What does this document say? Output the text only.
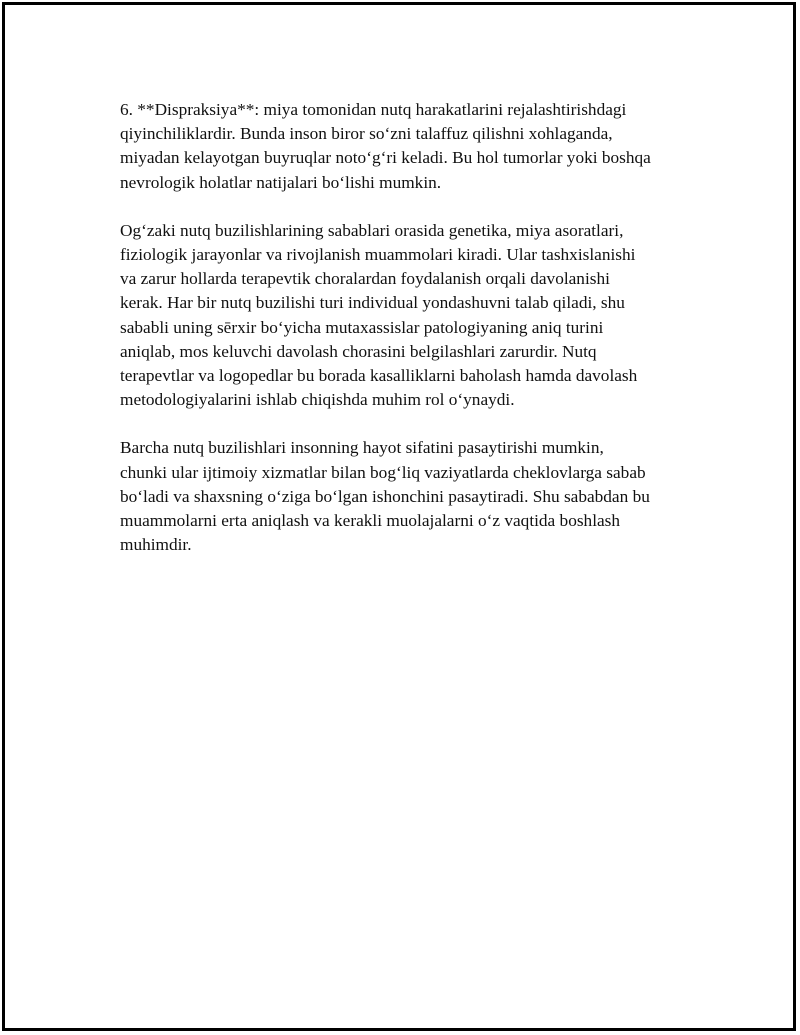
6. **Dispraksiya**: miya tomonidan nutq harakatlarini rejalashtirishdagi
qiyinchiliklardir. Bunda inson biror so‘zni talaffuz qilishni xohlaganda,
miyadan kelayotgan buyruqlar noto‘g‘ri keladi. Bu hol tumorlar yoki boshqa
nevrologik holatlar natijalari bo‘lishi mumkin.

Og‘zaki nutq buzilishlarining sabablari orasida genetika, miya asoratlari,
fiziologik jarayonlar va rivojlanish muammolari kiradi. Ular tashxislanishi
va zarur hollarda terapevtik choralardan foydalanish orqali davolanishi
kerak. Har bir nutq buzilishi turi individual yondashuvni talab qiladi, shu
sababli uning sērxir bo‘yicha mutaxassislar patologiyaning aniq turini
aniqlab, mos keluvchi davolash chorasini belgilashlari zarurdir. Nutq
terapevtlar va logopedlar bu borada kasalliklarni baholash hamda davolash
metodologiyalarini ishlab chiqishda muhim rol o‘ynaydi.

Barcha nutq buzilishlari insonning hayot sifatini pasaytirishi mumkin,
chunki ular ijtimoiy xizmatlar bilan bog‘liq vaziyatlarda cheklovlarga sabab
bo‘ladi va shaxsning o‘ziga bo‘lgan ishonchini pasaytiradi. Shu sababdan bu
muammolarni erta aniqlash va kerakli muolajalarni o‘z vaqtida boshlash
muhimdir.
